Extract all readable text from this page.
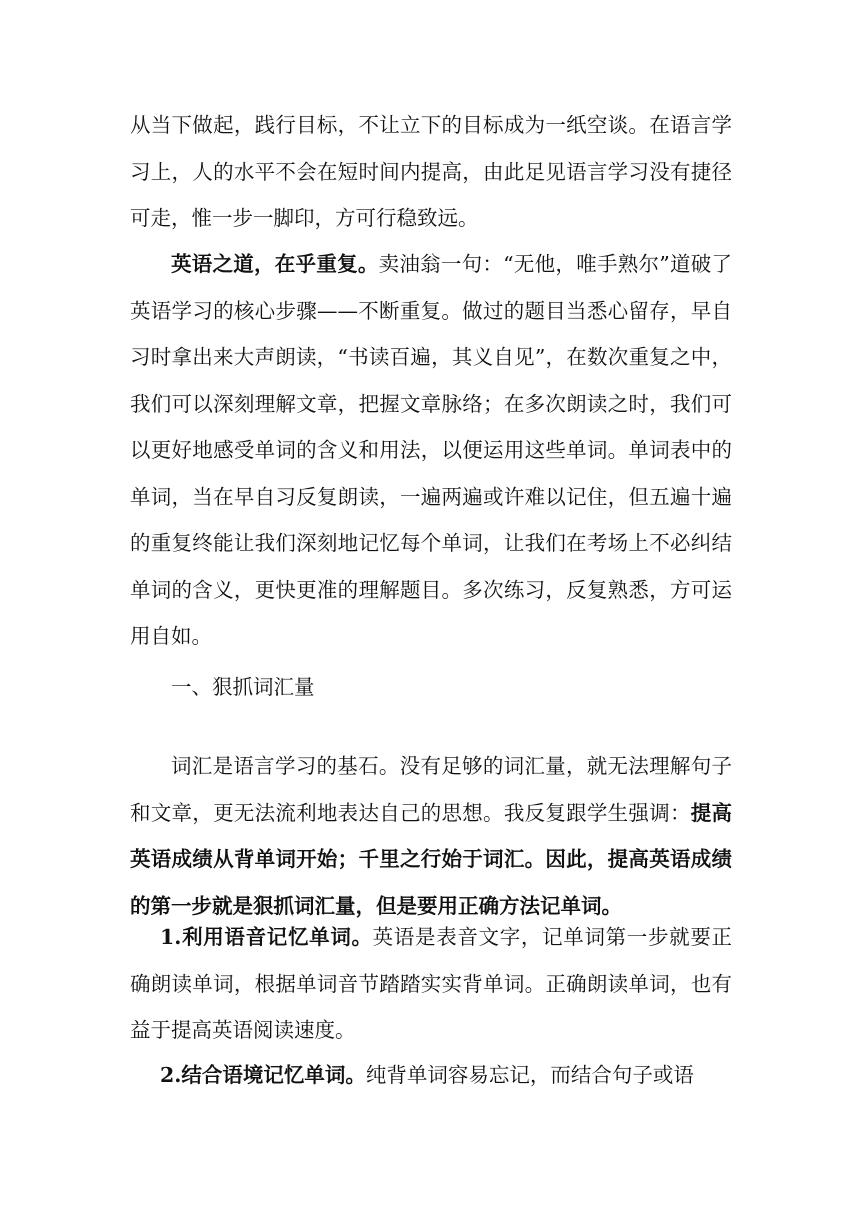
从当下做起，践行目标，不让立下的目标成为一纸空谈。在语言学习上，人的水平不会在短时间内提高，由此足见语言学习没有捷径可走，惟一步一脚印，方可行稳致远。

英语之道，在乎重复。卖油翁一句：“无他，唯手熟尔”道破了英语学习的核心步骤——不断重复。做过的题目当悉心留存，早自习时拿出来大声朗读，“书读百遍，其义自见”，在数次重复之中，我们可以深刻理解文章，把握文章脉络；在多次朗读之时，我们可以更好地感受单词的含义和用法，以便运用这些单词。单词表中的单词，当在早自习反复朗读，一遍两遍或许难以记住，但五遍十遍的重复终能让我们深刻地记忆每个单词，让我们在考场上不必纠结单词的含义，更快更准的理解题目。多次练习，反复熟悉，方可运用自如。

一、狠抓词汇量

词汇是语言学习的基石。没有足够的词汇量，就无法理解句子和文章，更无法流利地表达自己的思想。我反复跟学生强调：提高英语成绩从背单词开始；千里之行始于词汇。因此，提高英语成绩的第一步就是狠抓词汇量，但是要用正确方法记单词。

1.利用语音记忆单词。英语是表音文字，记单词第一步就要正确朗读单词，根据单词音节踏踏实实背单词。正确朗读单词，也有益于提高英语阅读速度。

2.结合语境记忆单词。纯背单词容易忘记，而结合句子或语
